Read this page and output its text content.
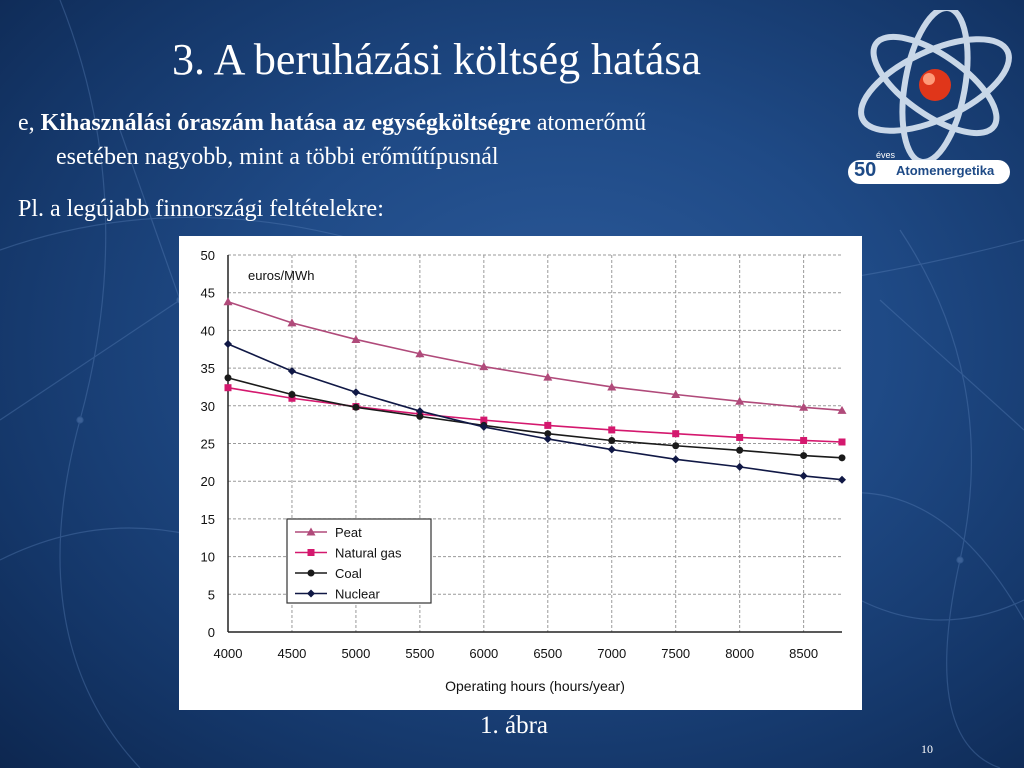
3. A beruházási költség hatása
éves
50 Atomenergetika
e, Kihasználási óraszám hatása az egységköltségre atomerőmű
esetében nagyobb, mint a többi erőműtípusnál
Pl. a legújabb finnországi feltételekre:
0
5
10
15
20
25
30
35
40
45
50
4000	4500	5000	5500	6000	6500	7000	7500	8000	8500
euros/MWh
Operating hours (hours/year)
Peat
Natural gas
Coal
Nuclear
1. ábra
10
